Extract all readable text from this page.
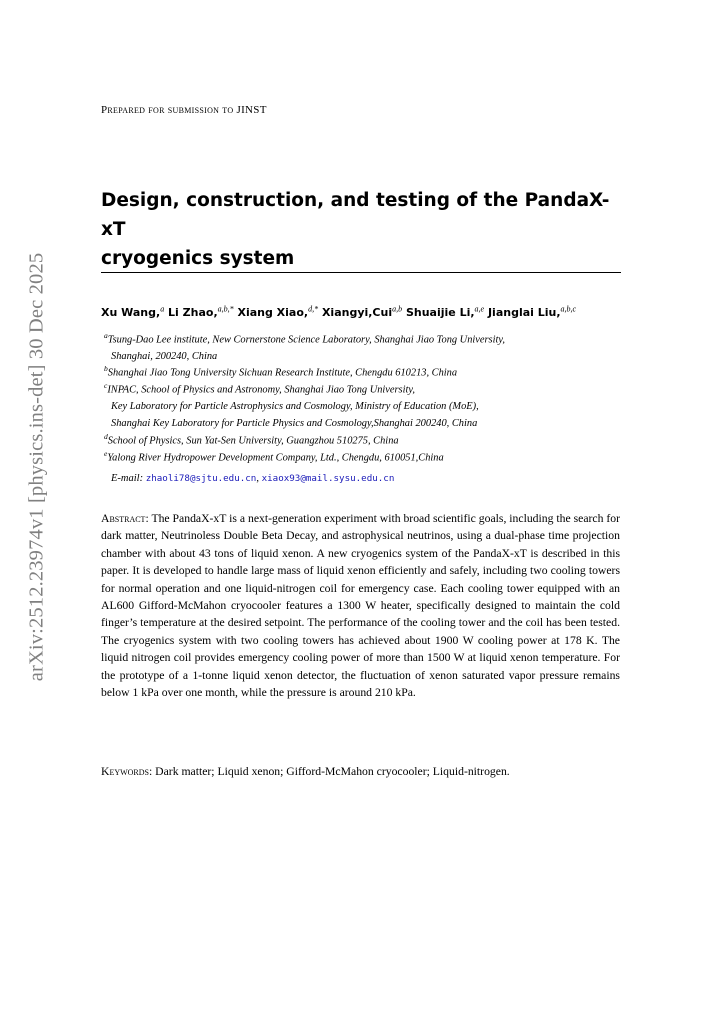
arXiv:2512.23974v1 [physics.ins-det] 30 Dec 2025
Prepared for submission to JINST
Design, construction, and testing of the PandaX-xT
cryogenics system
Xu Wang,$^a$ Li Zhao,$^{a,b,*}$ Xiang Xiao,$^{d,*}$ Xiangyi,Cui$^{a,b}$ Shuaijie Li,$^{a,e}$ Jianglai Liu,$^{a,b,c}$
$^a$Tsung-Dao Lee institute, New Cornerstone Science Laboratory, Shanghai Jiao Tong University,
Shanghai, 200240, China
$^b$Shanghai Jiao Tong University Sichuan Research Institute, Chengdu 610213, China
$^c$INPAC, School of Physics and Astronomy, Shanghai Jiao Tong University,
Key Laboratory for Particle Astrophysics and Cosmology, Ministry of Education (MoE),
Shanghai Key Laboratory for Particle Physics and Cosmology,Shanghai 200240, China
$^d$School of Physics, Sun Yat-Sen University, Guangzhou 510275, China
$^e$Yalong River Hydropower Development Company, Ltd., Chengdu, 610051,China
E-mail: zhaoli78@sjtu.edu.cn, xiaox93@mail.sysu.edu.cn

Abstract: The PandaX-xT is a next-generation experiment with broad scientific goals, including the search for dark matter, Neutrinoless Double Beta Decay, and astrophysical neutrinos, using a dual-phase time projection chamber with about 43 tons of liquid xenon. A new cryogenics system of the PandaX-xT is described in this paper. It is developed to handle large mass of liquid xenon efficiently and safely, including two cooling towers for normal operation and one liquid-nitrogen coil for emergency case. Each cooling tower equipped with an AL600 Gifford-McMahon cryocooler features a 1300 W heater, specifically designed to maintain the cold finger’s temperature at the desired setpoint. The performance of the cooling tower and the coil has been tested. The cryogenics system with two cooling towers has achieved about 1900 W cooling power at 178 K. The liquid nitrogen coil provides emergency cooling power of more than 1500 W at liquid xenon temperature. For the prototype of a 1-tonne liquid xenon detector, the fluctuation of xenon saturated vapor pressure remains below 1 kPa over one month, while the pressure is around 210 kPa.

Keywords: Dark matter; Liquid xenon; Gifford-McMahon cryocooler; Liquid-nitrogen.
